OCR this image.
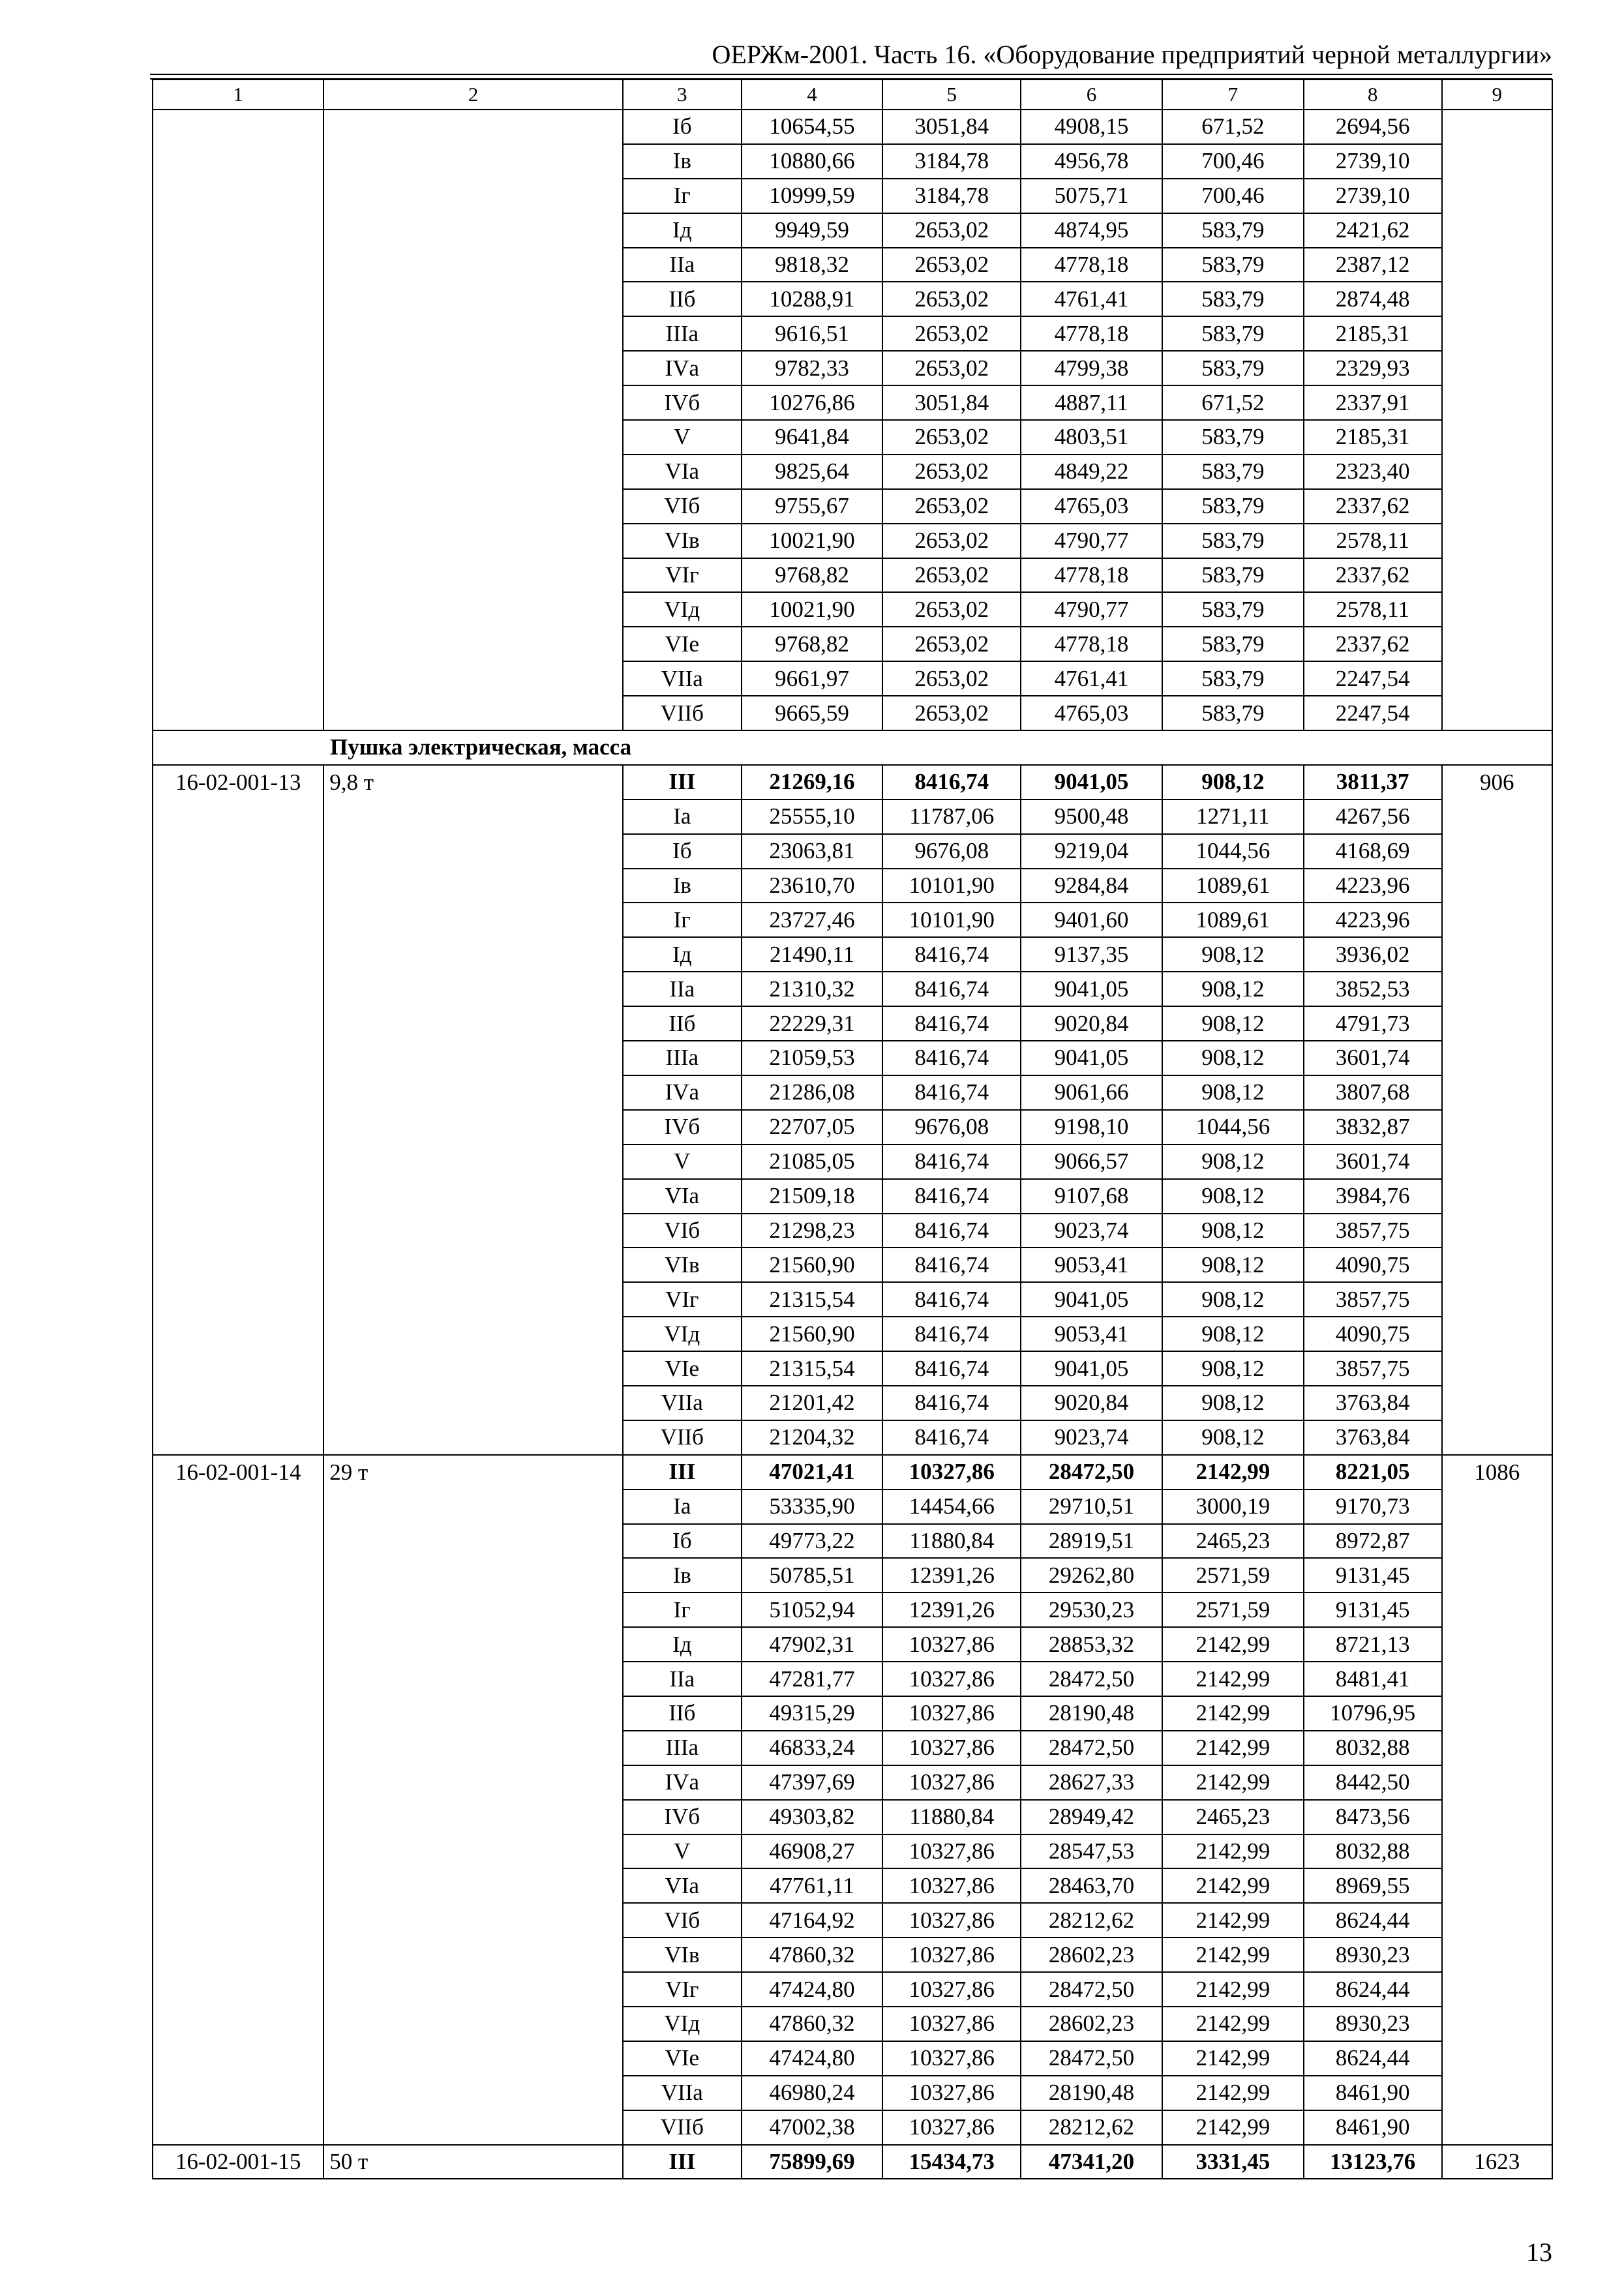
ОЕРЖм-2001. Часть 16. «Оборудование предприятий черной металлургии»
1	2	3	4	5	6	7	8	9
		Iб	10654,55	3051,84	4908,15	671,52	2694,56	
		Iв	10880,66	3184,78	4956,78	700,46	2739,10	
		Iг	10999,59	3184,78	5075,71	700,46	2739,10	
		Iд	9949,59	2653,02	4874,95	583,79	2421,62	
		IIа	9818,32	2653,02	4778,18	583,79	2387,12	
		IIб	10288,91	2653,02	4761,41	583,79	2874,48	
		IIIа	9616,51	2653,02	4778,18	583,79	2185,31	
		IVа	9782,33	2653,02	4799,38	583,79	2329,93	
		IVб	10276,86	3051,84	4887,11	671,52	2337,91	
		V	9641,84	2653,02	4803,51	583,79	2185,31	
		VIа	9825,64	2653,02	4849,22	583,79	2323,40	
		VIб	9755,67	2653,02	4765,03	583,79	2337,62	
		VIв	10021,90	2653,02	4790,77	583,79	2578,11	
		VIг	9768,82	2653,02	4778,18	583,79	2337,62	
		VIд	10021,90	2653,02	4790,77	583,79	2578,11	
		VIе	9768,82	2653,02	4778,18	583,79	2337,62	
		VIIа	9661,97	2653,02	4761,41	583,79	2247,54	
		VIIб	9665,59	2653,02	4765,03	583,79	2247,54	
Пушка электрическая, масса								
16-02-001-13	9,8 т	III	21269,16	8416,74	9041,05	908,12	3811,37	906
		Iа	25555,10	11787,06	9500,48	1271,11	4267,56	
		Iб	23063,81	9676,08	9219,04	1044,56	4168,69	
		Iв	23610,70	10101,90	9284,84	1089,61	4223,96	
		Iг	23727,46	10101,90	9401,60	1089,61	4223,96	
		Iд	21490,11	8416,74	9137,35	908,12	3936,02	
		IIа	21310,32	8416,74	9041,05	908,12	3852,53	
		IIб	22229,31	8416,74	9020,84	908,12	4791,73	
		IIIа	21059,53	8416,74	9041,05	908,12	3601,74	
		IVа	21286,08	8416,74	9061,66	908,12	3807,68	
		IVб	22707,05	9676,08	9198,10	1044,56	3832,87	
		V	21085,05	8416,74	9066,57	908,12	3601,74	
		VIа	21509,18	8416,74	9107,68	908,12	3984,76	
		VIб	21298,23	8416,74	9023,74	908,12	3857,75	
		VIв	21560,90	8416,74	9053,41	908,12	4090,75	
		VIг	21315,54	8416,74	9041,05	908,12	3857,75	
		VIд	21560,90	8416,74	9053,41	908,12	4090,75	
		VIе	21315,54	8416,74	9041,05	908,12	3857,75	
		VIIа	21201,42	8416,74	9020,84	908,12	3763,84	
		VIIб	21204,32	8416,74	9023,74	908,12	3763,84	
16-02-001-14	29 т	III	47021,41	10327,86	28472,50	2142,99	8221,05	1086
		Iа	53335,90	14454,66	29710,51	3000,19	9170,73	
		Iб	49773,22	11880,84	28919,51	2465,23	8972,87	
		Iв	50785,51	12391,26	29262,80	2571,59	9131,45	
		Iг	51052,94	12391,26	29530,23	2571,59	9131,45	
		Iд	47902,31	10327,86	28853,32	2142,99	8721,13	
		IIа	47281,77	10327,86	28472,50	2142,99	8481,41	
		IIб	49315,29	10327,86	28190,48	2142,99	10796,95	
		IIIа	46833,24	10327,86	28472,50	2142,99	8032,88	
		IVа	47397,69	10327,86	28627,33	2142,99	8442,50	
		IVб	49303,82	11880,84	28949,42	2465,23	8473,56	
		V	46908,27	10327,86	28547,53	2142,99	8032,88	
		VIа	47761,11	10327,86	28463,70	2142,99	8969,55	
		VIб	47164,92	10327,86	28212,62	2142,99	8624,44	
		VIв	47860,32	10327,86	28602,23	2142,99	8930,23	
		VIг	47424,80	10327,86	28472,50	2142,99	8624,44	
		VIд	47860,32	10327,86	28602,23	2142,99	8930,23	
		VIе	47424,80	10327,86	28472,50	2142,99	8624,44	
		VIIа	46980,24	10327,86	28190,48	2142,99	8461,90	
		VIIб	47002,38	10327,86	28212,62	2142,99	8461,90	
16-02-001-15	50 т	III	75899,69	15434,73	47341,20	3331,45	13123,76	1623
13
